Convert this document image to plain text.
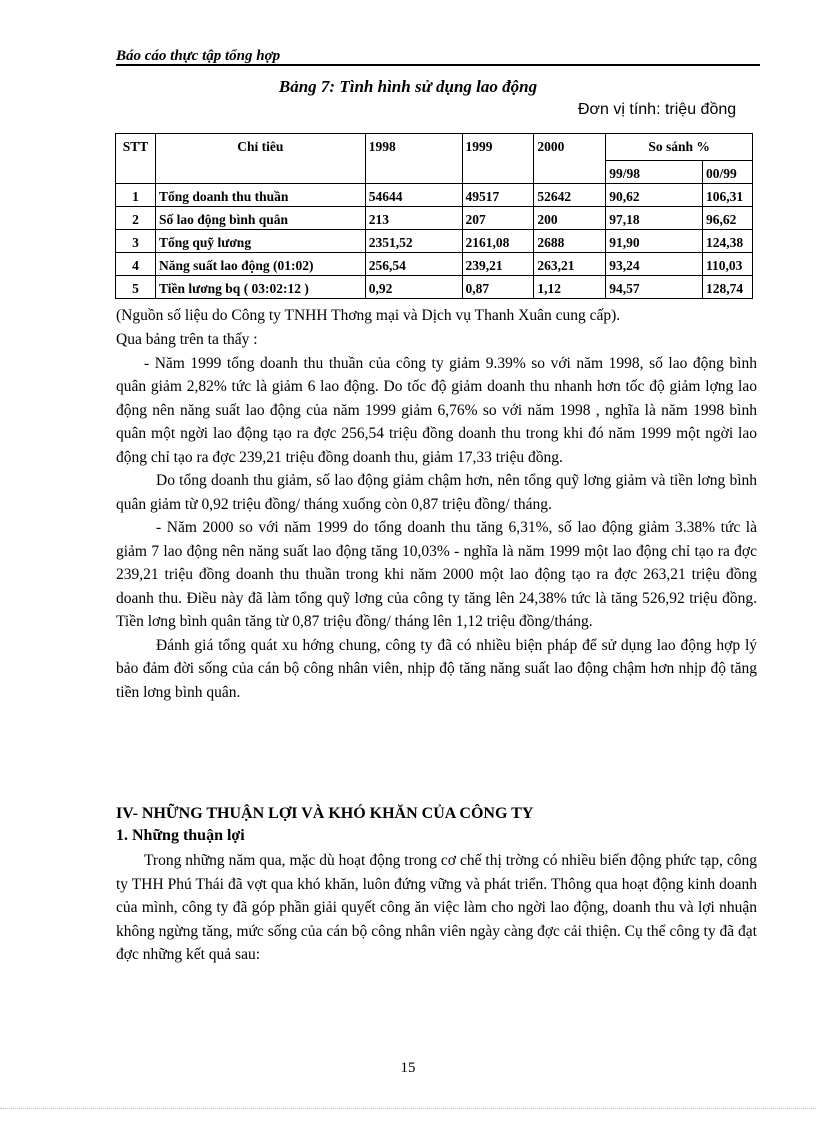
Báo cáo thực tập tổng hợp
Bảng 7: Tình hình sử dụng lao động
Đơn vị tính: triệu đồng
STT	Chỉ tiêu	1998	1999	2000	So sánh %	
					99/98	00/99
1	Tổng doanh thu thuần	54644	49517	52642	90,62	106,31
2	Số lao động bình quân	213	207	200	97,18	96,62
3	Tổng quỹ lương	2351,52	2161,08	2688	91,90	124,38
4	Năng suất lao động (01:02)	256,54	239,21	263,21	93,24	110,03
5	Tiền lương bq ( 03:02:12 )	0,92	0,87	1,12	94,57	128,74
(Nguồn số liệu do Công ty TNHH Thơng mại và Dịch vụ Thanh Xuân cung cấp).

Qua bảng trên ta thấy :

- Năm 1999 tổng doanh thu thuần của công ty giảm 9.39% so với năm 1998, số lao động bình quân giảm 2,82% tức là giảm 6 lao động. Do tốc độ giảm doanh thu nhanh hơn tốc độ giảm lợng lao động nên năng suất lao động của năm 1999 giảm 6,76% so với năm 1998 , nghĩa là năm 1998 bình quân một ngời lao động tạo ra đợc 256,54 triệu đồng doanh thu trong khi đó năm 1999 một ngời lao động chỉ tạo ra đợc 239,21 triệu đồng doanh thu, giảm 17,33 triệu đồng.

Do tổng doanh thu giảm, số lao động giảm chậm hơn, nên tổng quỹ lơng giảm và tiền lơng bình quân giảm từ 0,92 triệu đồng/ tháng xuống còn 0,87 triệu đồng/ tháng.

- Năm 2000 so với năm 1999 do tổng doanh thu tăng 6,31%, số lao động giảm 3.38% tức là giảm 7 lao động nên năng suất lao động tăng 10,03% - nghĩa là năm 1999 một lao động chỉ tạo ra đợc 239,21 triệu đồng doanh thu thuần trong khi năm 2000 một lao động tạo ra đợc 263,21 triệu đồng doanh thu. Điều này đã làm tổng quỹ lơng của công ty tăng lên 24,38% tức là tăng 526,92 triệu đồng. Tiền lơng bình quân tăng từ 0,87 triệu đồng/ tháng lên 1,12 triệu đồng/tháng.

Đánh giá tổng quát xu hớng chung, công ty đã có nhiều biện pháp để sử dụng lao động hợp lý bảo đảm đời sống của cán bộ công nhân viên, nhịp độ tăng năng suất lao động chậm hơn nhịp độ tăng tiền lơng bình quân.

IV- NHỮNG THUẬN LỢI VÀ KHÓ KHĂN CỦA CÔNG TY
1. Những thuận lợi

Trong những năm qua, mặc dù hoạt động trong cơ chế thị trờng có nhiều biến động phức tạp, công ty THH Phú Thái đã vợt qua khó khăn, luôn đứng vững và phát triển. Thông qua hoạt động kinh doanh của mình, công ty đã góp phần giải quyết công ăn việc làm cho ngời lao động, doanh thu và lợi nhuận không ngừng tăng, mức sống của cán bộ công nhân viên ngày càng đợc cải thiện. Cụ thể công ty đã đạt đợc những kết quả sau:

15
